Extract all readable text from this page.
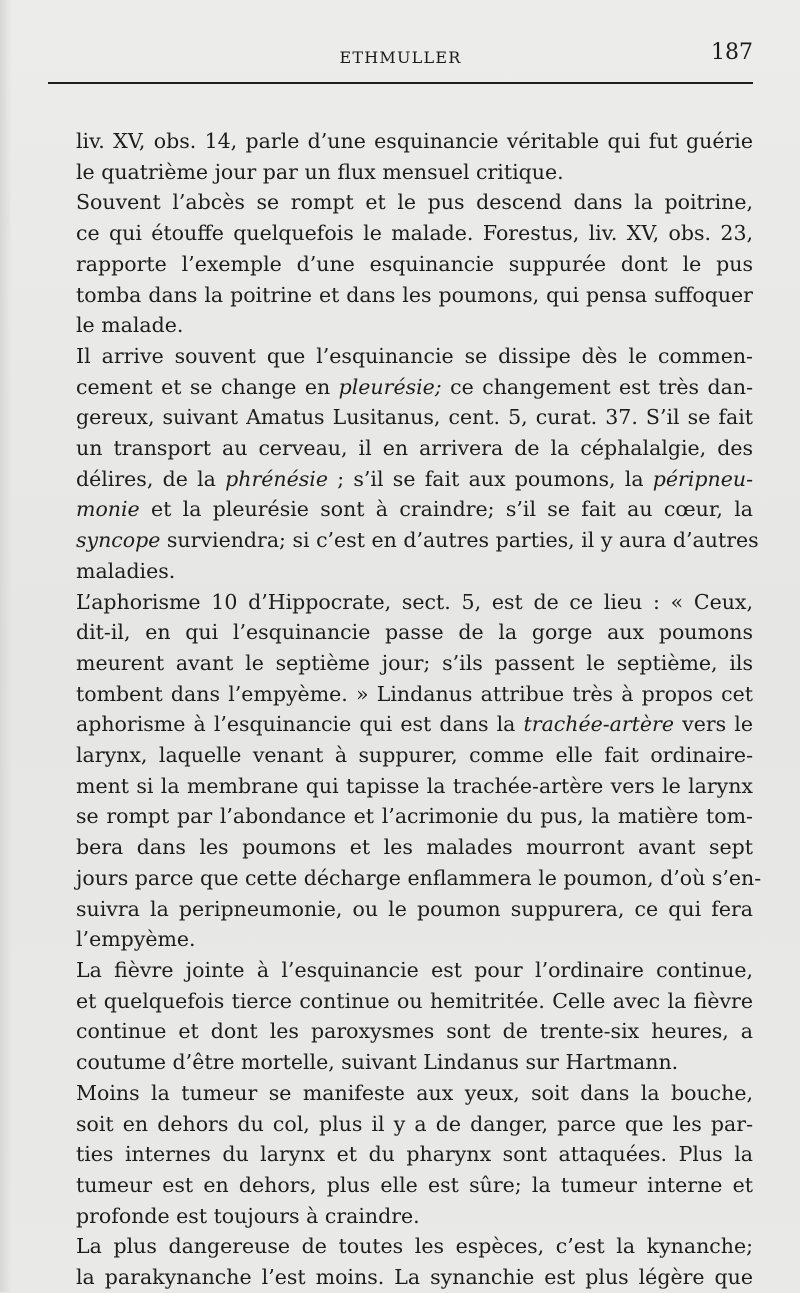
ETHMULLER	187

liv. XV, obs. 14, parle d’une esquinancie véritable qui fut guérie
le quatrième jour par un flux mensuel critique.

Souvent l’abcès se rompt et le pus descend dans la poitrine,
ce qui étouffe quelquefois le malade. Forestus, liv. XV, obs. 23,
rapporte l’exemple d’une esquinancie suppurée dont le pus
tomba dans la poitrine et dans les poumons, qui pensa suffoquer
le malade.

Il arrive souvent que l’esquinancie se dissipe dès le commen-
cement et se change en pleurésie; ce changement est très dan-
gereux, suivant Amatus Lusitanus, cent. 5, curat. 37. S’il se fait
un transport au cerveau, il en arrivera de la céphalalgie, des
délires, de la phrénésie ; s’il se fait aux poumons, la péripneu-
monie et la pleurésie sont à craindre; s’il se fait au cœur, la
syncope surviendra; si c’est en d’autres parties, il y aura d’autres
maladies.

L’aphorisme 10 d’Hippocrate, sect. 5, est de ce lieu : « Ceux,
dit-il, en qui l’esquinancie passe de la gorge aux poumons
meurent avant le septième jour; s’ils passent le septième, ils
tombent dans l’empyème. » Lindanus attribue très à propos cet
aphorisme à l’esquinancie qui est dans la trachée-artère vers le
larynx, laquelle venant à suppurer, comme elle fait ordinaire-
ment si la membrane qui tapisse la trachée-artère vers le larynx
se rompt par l’abondance et l’acrimonie du pus, la matière tom-
bera dans les poumons et les malades mourront avant sept
jours parce que cette décharge enflammera le poumon, d’où s’en-
suivra la peripneumonie, ou le poumon suppurera, ce qui fera
l’empyème.

La fièvre jointe à l’esquinancie est pour l’ordinaire continue,
et quelquefois tierce continue ou hemitritée. Celle avec la fièvre
continue et dont les paroxysmes sont de trente-six heures, a
coutume d’être mortelle, suivant Lindanus sur Hartmann.

Moins la tumeur se manifeste aux yeux, soit dans la bouche,
soit en dehors du col, plus il y a de danger, parce que les par-
ties internes du larynx et du pharynx sont attaquées. Plus la
tumeur est en dehors, plus elle est sûre; la tumeur interne et
profonde est toujours à craindre.

La plus dangereuse de toutes les espèces, c’est la kynanche;
la parakynanche l’est moins. La synanchie est plus légère que
